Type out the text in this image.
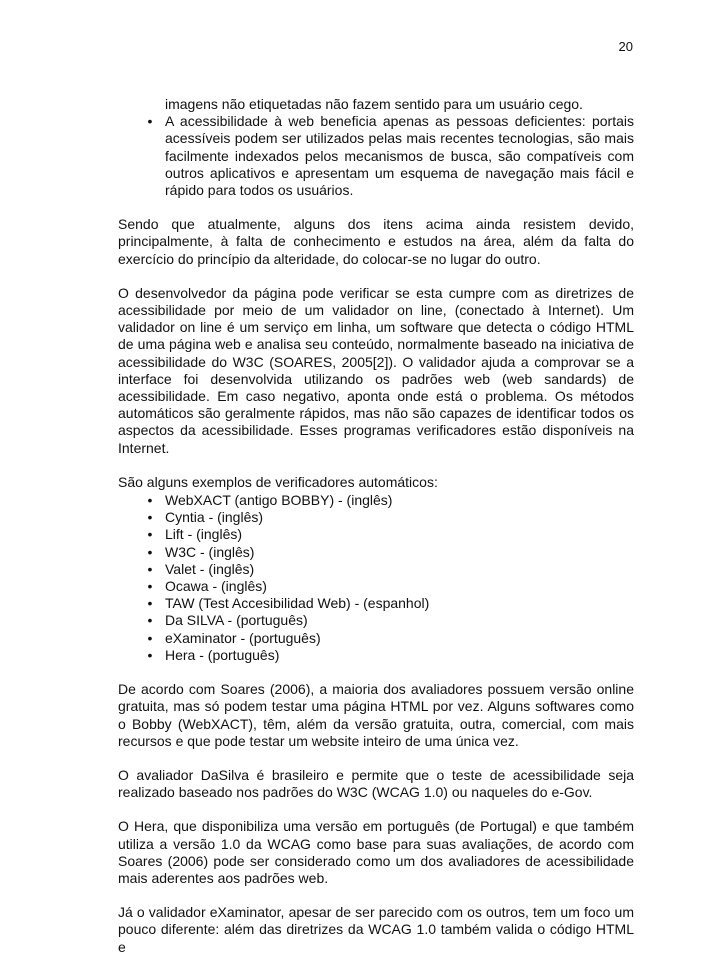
20
imagens não etiquetadas não fazem sentido para um usuário cego.
• A acessibilidade à web beneficia apenas as pessoas deficientes: portais acessíveis podem ser utilizados pelas mais recentes tecnologias, são mais facilmente indexados pelos mecanismos de busca, são compatíveis com outros aplicativos e apresentam um esquema de navegação mais fácil e rápido para todos os usuários.

Sendo que atualmente, alguns dos itens acima ainda resistem devido, principalmente, à falta de conhecimento e estudos na área, além da falta do exercício do princípio da alteridade, do colocar-se no lugar do outro.

O desenvolvedor da página pode verificar se esta cumpre com as diretrizes de acessibilidade por meio de um validador on line, (conectado à Internet). Um validador on line é um serviço em linha, um software que detecta o código HTML de uma página web e analisa seu conteúdo, normalmente baseado na iniciativa de acessibilidade do W3C (SOARES, 2005[2]). O validador ajuda a comprovar se a interface foi desenvolvida utilizando os padrões web (web sandards) de acessibilidade. Em caso negativo, aponta onde está o problema. Os métodos automáticos são geralmente rápidos, mas não são capazes de identificar todos os aspectos da acessibilidade. Esses programas verificadores estão disponíveis na Internet.

São alguns exemplos de verificadores automáticos:

• WebXACT (antigo BOBBY) - (inglês)
• Cyntia - (inglês)
• Lift - (inglês)
• W3C - (inglês)
• Valet - (inglês)
• Ocawa - (inglês)
• TAW (Test Accesibilidad Web) - (espanhol)
• Da SILVA - (português)
• eXaminator - (português)
• Hera - (português)

De acordo com Soares (2006), a maioria dos avaliadores possuem versão online gratuita, mas só podem testar uma página HTML por vez. Alguns softwares como o Bobby (WebXACT), têm, além da versão gratuita, outra, comercial, com mais recursos e que pode testar um website inteiro de uma única vez.

O avaliador DaSilva é brasileiro e permite que o teste de acessibilidade seja realizado baseado nos padrões do W3C (WCAG 1.0) ou naqueles do e-Gov.

O Hera, que disponibiliza uma versão em português (de Portugal) e que também utiliza a versão 1.0 da WCAG como base para suas avaliações, de acordo com Soares (2006) pode ser considerado como um dos avaliadores de acessibilidade mais aderentes aos padrões web.

Já o validador eXaminator, apesar de ser parecido com os outros, tem um foco um pouco diferente: além das diretrizes da WCAG 1.0 também valida o código HTML e
